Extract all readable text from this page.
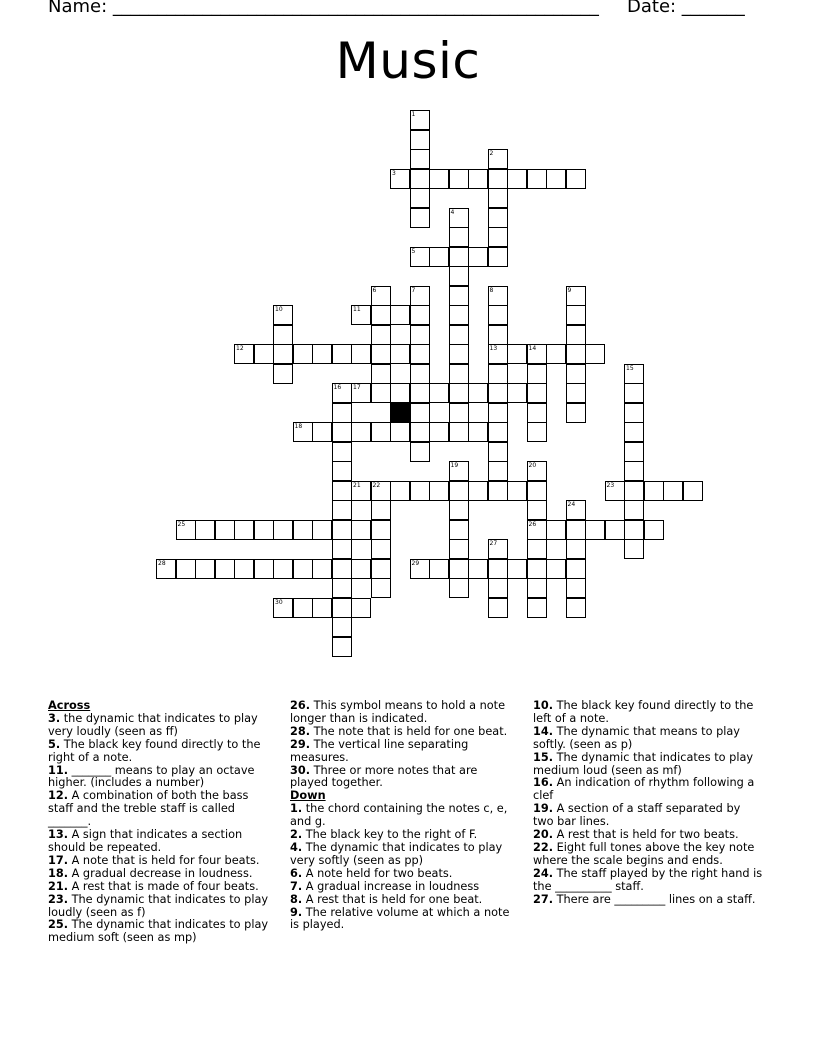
Name: ______________________________________________________ Date: _______
Music
1
2
3
4
5
6	7	8	9
10	11
12	13	14
15
16 17
18
19	20
21 22	23
24
25	26
27
28	29
30
Across
3. the dynamic that indicates to play very loudly (seen as ff)
5. The black key found directly to the right of a note.
11. _______ means to play an octave higher. (includes a number)
12. A combination of both the bass staff and the treble staff is called _______.
13. A sign that indicates a section should be repeated.
17. A note that is held for four beats.
18. A gradual decrease in loudness.
21. A rest that is made of four beats.
23. The dynamic that indicates to play loudly (seen as f)
25. The dynamic that indicates to play medium soft (seen as mp)
26. This symbol means to hold a note longer than is indicated.
28. The note that is held for one beat.
29. The vertical line separating measures.
30. Three or more notes that are played together.
Down
1. the chord containing the notes c, e, and g.
2. The black key to the right of F.
4. The dynamic that indicates to play very softly (seen as pp)
6. A note held for two beats.
7. A gradual increase in loudness
8. A rest that is held for one beat.
9. The relative volume at which a note is played.
10. The black key found directly to the left of a note.
14. The dynamic that means to play softly. (seen as p)
15. The dynamic that indicates to play medium loud (seen as mf)
16. An indication of rhythm following a clef
19. A section of a staff separated by two bar lines.
20. A rest that is held for two beats.
22. Eight full tones above the key note where the scale begins and ends.
24. The staff played by the right hand is the __________ staff.
27. There are _________ lines on a staff.
